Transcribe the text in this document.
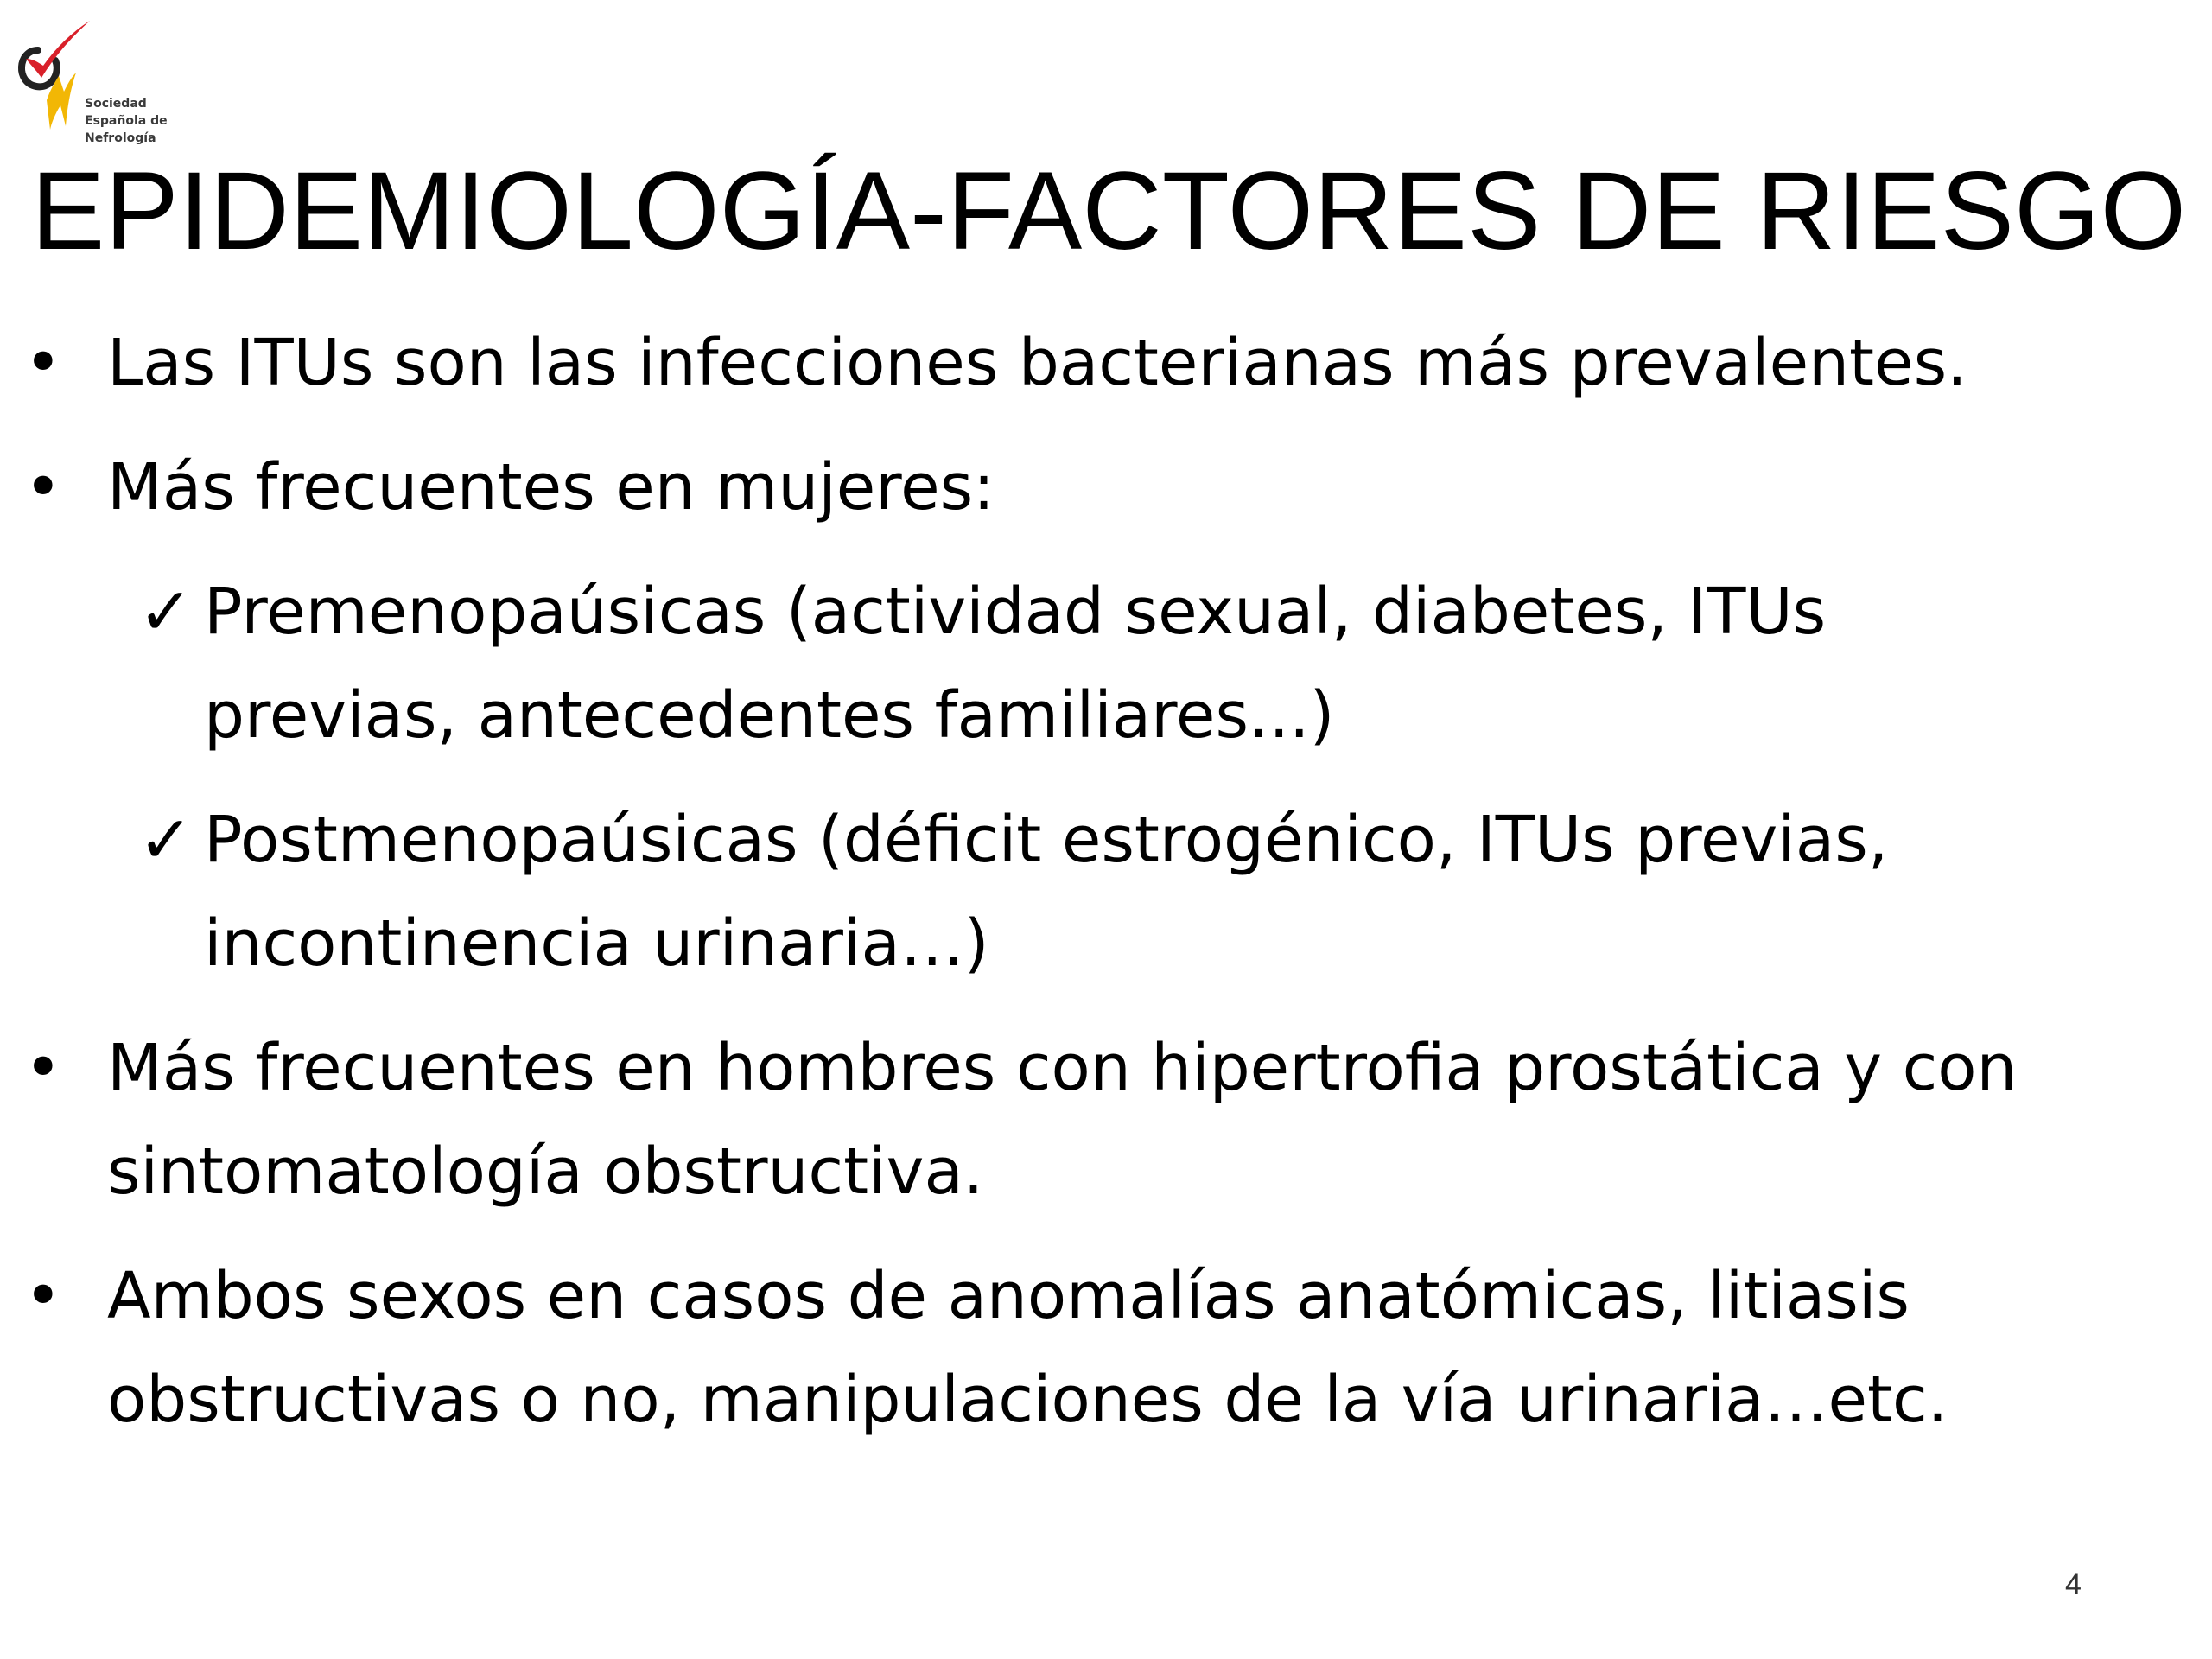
Sociedad
Española de
Nefrología
EPIDEMIOLOGÍA-FACTORES DE RIESGO
• Las ITUs son las infecciones bacterianas más prevalentes.
• Más frecuentes en mujeres:
✓ Premenopaúsicas (actividad sexual, diabetes, ITUs previas, antecedentes familiares...)
✓ Postmenopaúsicas (déficit estrogénico, ITUs previas, incontinencia urinaria…)
• Más frecuentes en hombres con hipertrofia prostática y con sintomatología obstructiva.
• Ambos sexos en casos de anomalías anatómicas, litiasis obstructivas o no, manipulaciones de la vía urinaria…etc.
4
